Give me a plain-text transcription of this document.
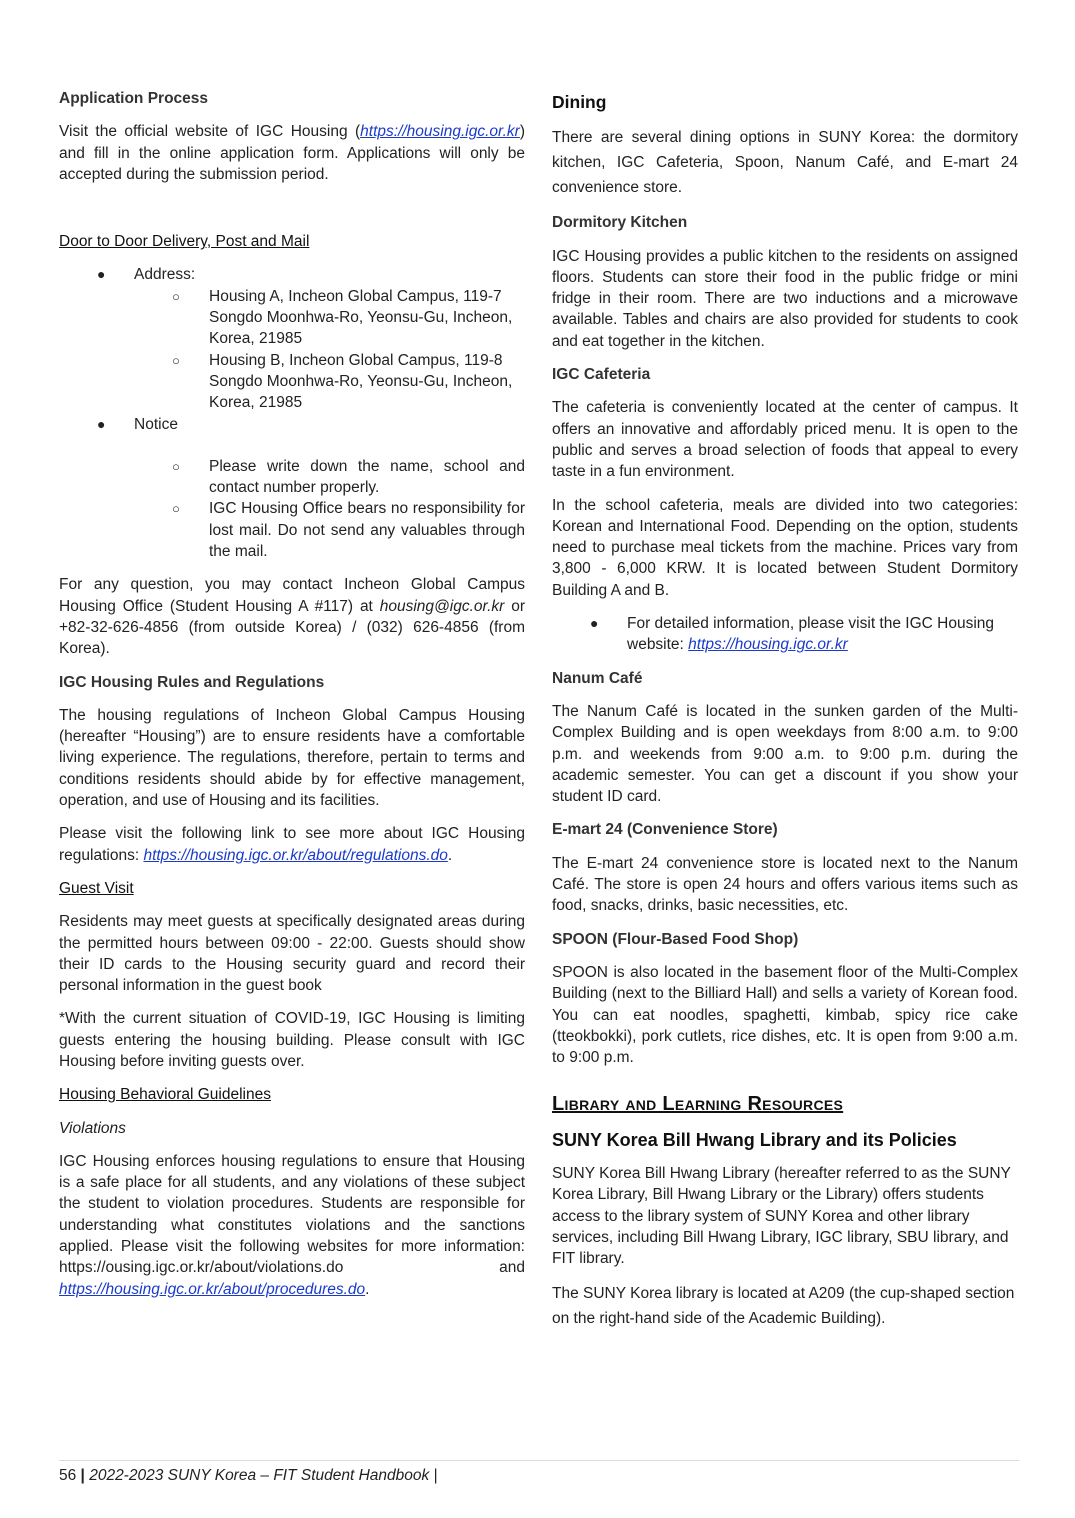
Application Process

Visit the official website of IGC Housing (https://housing.igc.or.kr) and fill in the online application form. Applications will only be accepted during the submission period.

Door to Door Delivery, Post and Mail
● Address:
○ Housing A, Incheon Global Campus, 119-7 Songdo Moonhwa-Ro, Yeonsu-Gu, Incheon, Korea, 21985
○ Housing B, Incheon Global Campus, 119-8 Songdo Moonhwa-Ro, Yeonsu-Gu, Incheon, Korea, 21985
● Notice
○ Please write down the name, school and contact number properly.
○ IGC Housing Office bears no responsibility for lost mail. Do not send any valuables through the mail.

For any question, you may contact Incheon Global Campus Housing Office (Student Housing A #117) at housing@igc.or.kr or +82-32-626-4856 (from outside Korea) / (032) 626-4856 (from Korea).

IGC Housing Rules and Regulations

The housing regulations of Incheon Global Campus Housing (hereafter “Housing”) are to ensure residents have a comfortable living experience. The regulations, therefore, pertain to terms and conditions residents should abide by for effective management, operation, and use of Housing and its facilities.

Please visit the following link to see more about IGC Housing regulations: https://housing.igc.or.kr/about/regulations.do.

Guest Visit

Residents may meet guests at specifically designated areas during the permitted hours between 09:00 - 22:00. Guests should show their ID cards to the Housing security guard and record their personal information in the guest book

*With the current situation of COVID-19, IGC Housing is limiting guests entering the housing building. Please consult with IGC Housing before inviting guests over.

Housing Behavioral Guidelines

Violations

IGC Housing enforces housing regulations to ensure that Housing is a safe place for all students, and any violations of these subject the student to violation procedures. Students are responsible for understanding what constitutes violations and the sanctions applied. Please visit the following websites for more information: https://ousing.igc.or.kr/about/violations.do and https://housing.igc.or.kr/about/procedures.do.

Dining

There are several dining options in SUNY Korea: the dormitory kitchen, IGC Cafeteria, Spoon, Nanum Café, and E-mart 24 convenience store.

Dormitory Kitchen

IGC Housing provides a public kitchen to the residents on assigned floors. Students can store their food in the public fridge or mini fridge in their room. There are two inductions and a microwave available. Tables and chairs are also provided for students to cook and eat together in the kitchen.

IGC Cafeteria

The cafeteria is conveniently located at the center of campus. It offers an innovative and affordably priced menu. It is open to the public and serves a broad selection of foods that appeal to every taste in a fun environment.

In the school cafeteria, meals are divided into two categories: Korean and International Food. Depending on the option, students need to purchase meal tickets from the machine. Prices vary from 3,800 - 6,000 KRW. It is located between Student Dormitory Building A and B.

● For detailed information, please visit the IGC Housing website: https://housing.igc.or.kr
Nanum Café

The Nanum Café is located in the sunken garden of the Multi-Complex Building and is open weekdays from 8:00 a.m. to 9:00 p.m. and weekends from 9:00 a.m. to 9:00 p.m. during the academic semester. You can get a discount if you show your student ID card.

E-mart 24 (Convenience Store)

The E-mart 24 convenience store is located next to the Nanum Café. The store is open 24 hours and offers various items such as food, snacks, drinks, basic necessities, etc.

SPOON (Flour-Based Food Shop)

SPOON is also located in the basement floor of the Multi-Complex Building (next to the Billiard Hall) and sells a variety of Korean food. You can eat noodles, spaghetti, kimbab, spicy rice cake (tteokbokki), pork cutlets, rice dishes, etc. It is open from 9:00 a.m. to 9:00 p.m.

Library and Learning Resources
SUNY Korea Bill Hwang Library and its Policies

SUNY Korea Bill Hwang Library (hereafter referred to as the SUNY Korea Library, Bill Hwang Library or the Library) offers students access to the library system of SUNY Korea and other library services, including Bill Hwang Library, IGC library, SBU library, and FIT library.

The SUNY Korea library is located at A209 (the cup-shaped section on the right-hand side of the Academic Building).

56 | 2022-2023 SUNY Korea – FIT Student Handbook |
